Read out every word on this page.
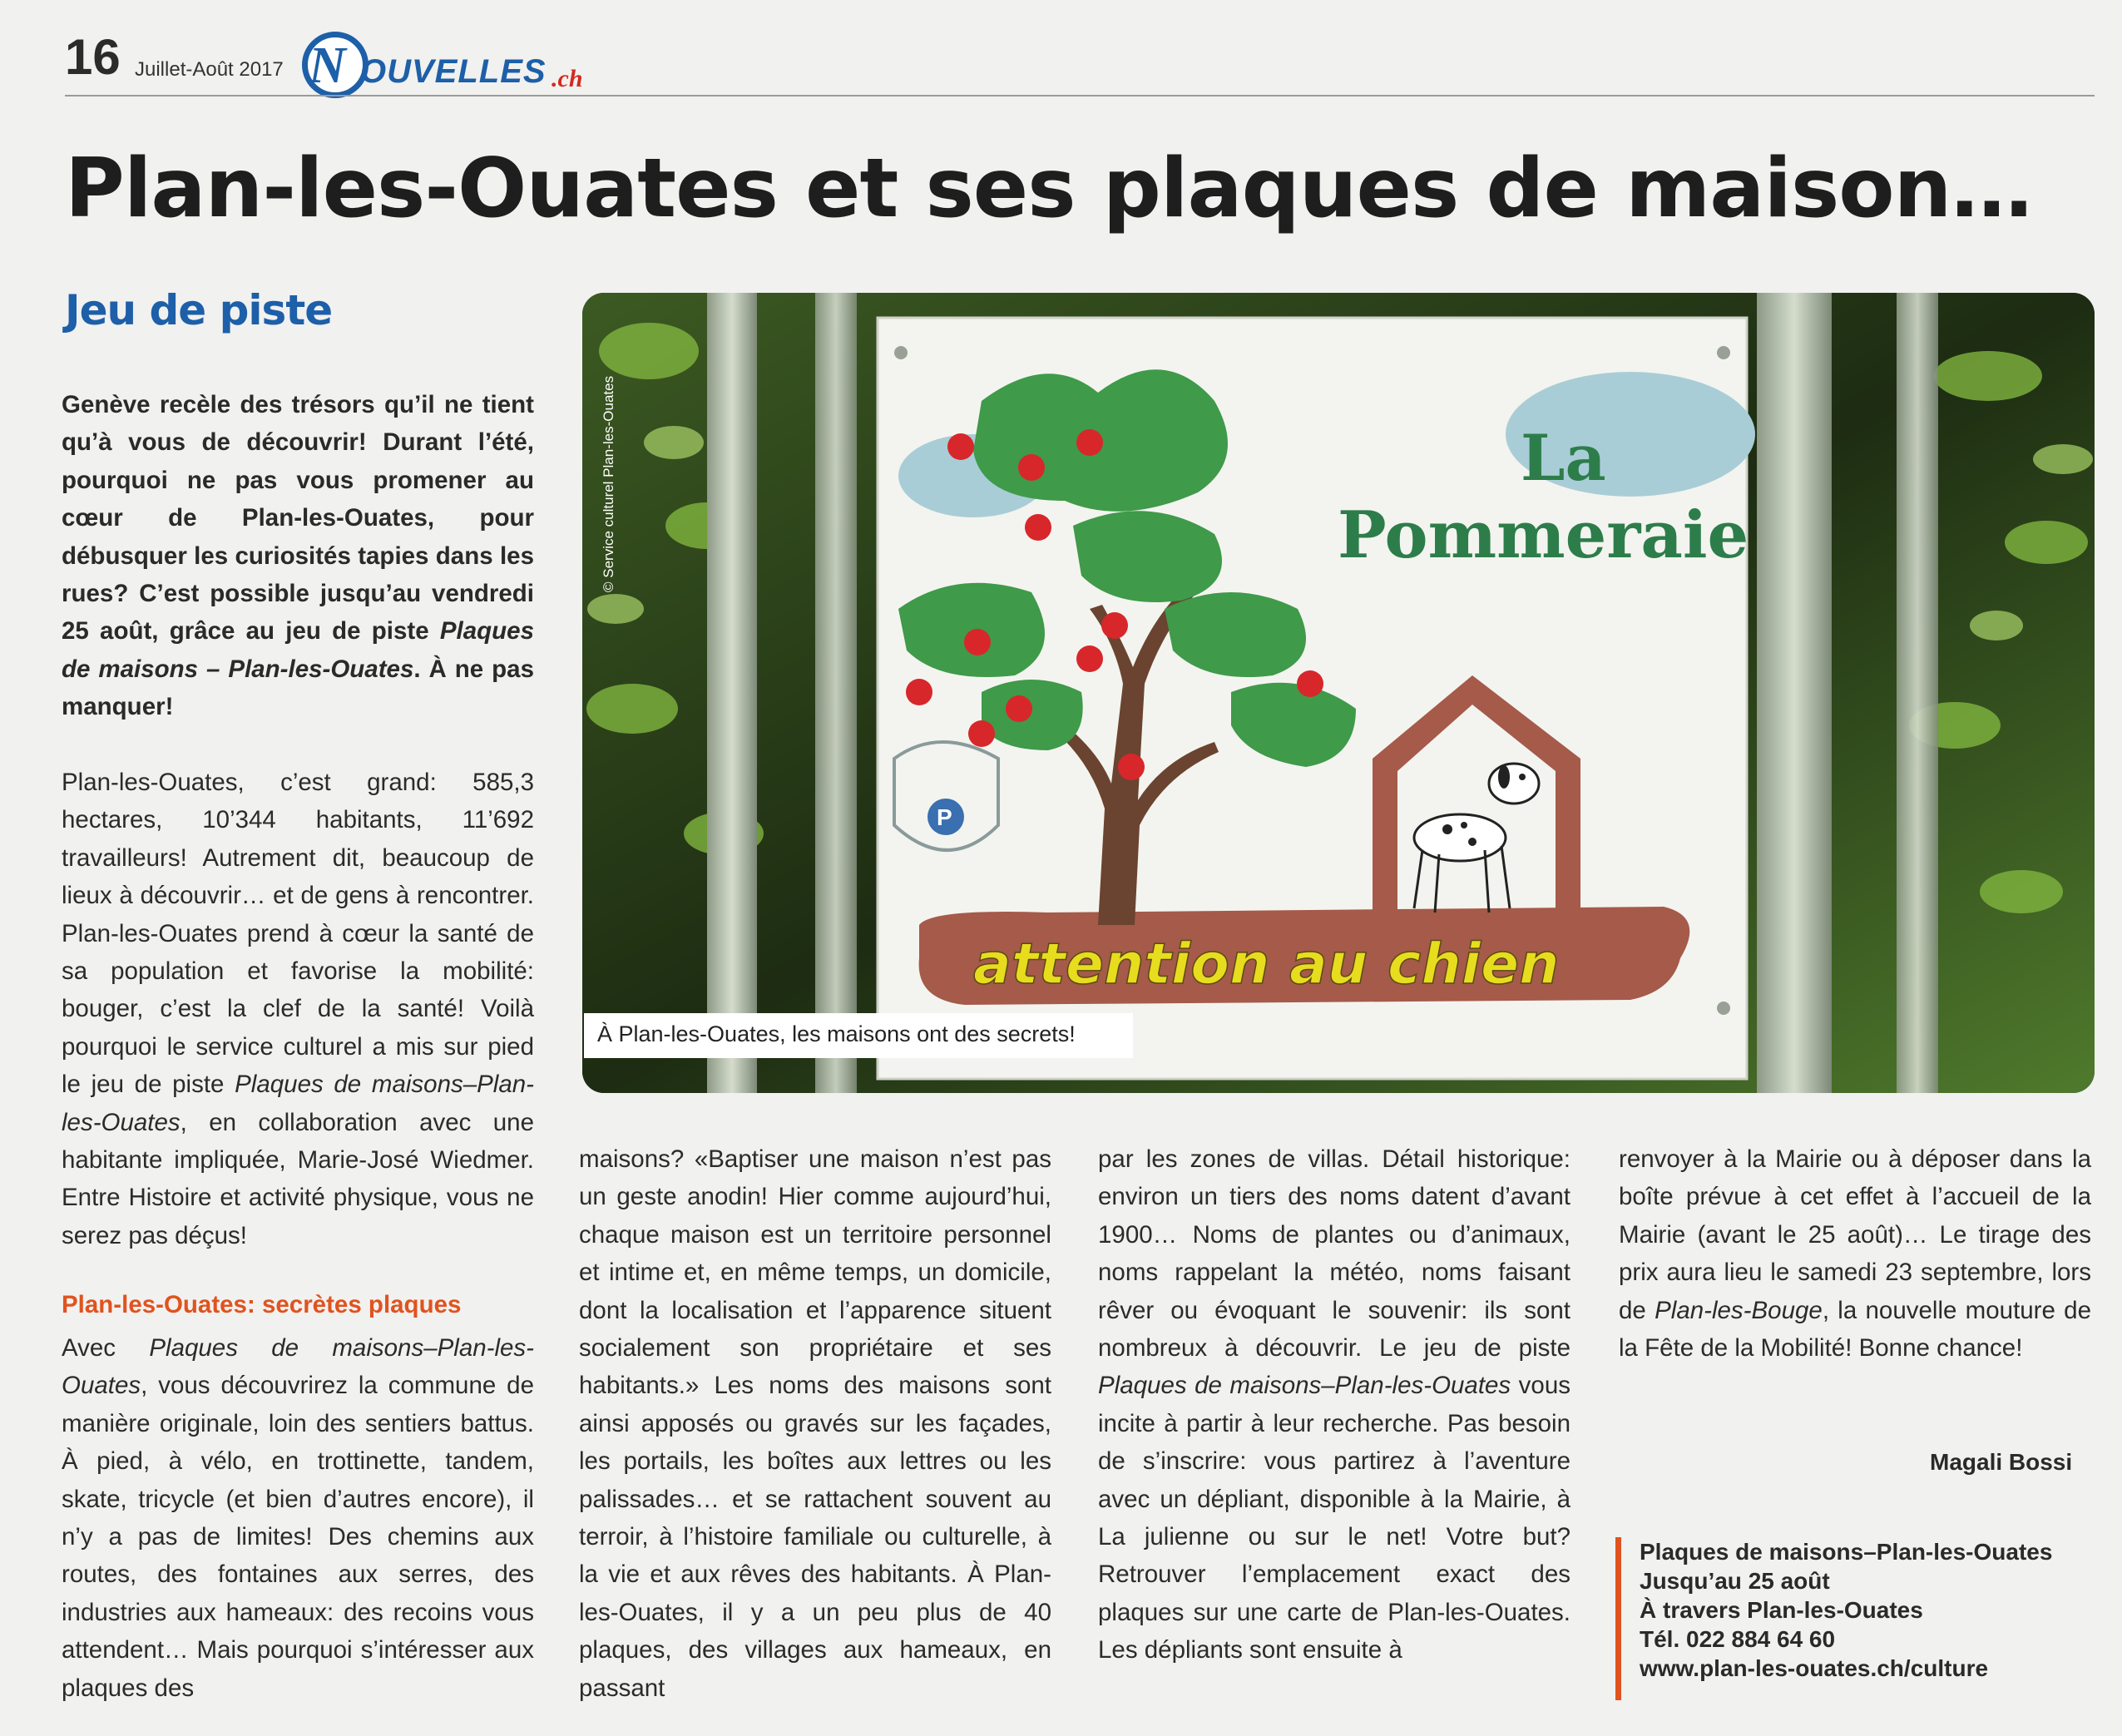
16 Juillet-Août 2017 N OUVELLES .ch
Plan-les-Ouates et ses plaques de maison…
Jeu de piste

Genève recèle des trésors qu’il ne tient qu’à vous de découvrir! Durant l’été, pourquoi ne pas vous promener au cœur de Plan-les-Ouates, pour débusquer les curiosités tapies dans les rues? C’est possible jusqu’au vendredi 25 août, grâce au jeu de piste Plaques de maisons – Plan-les-Ouates. À ne pas manquer!

Plan-les-Ouates, c’est grand: 585,3 hectares, 10’344 habitants, 11’692 travailleurs! Autrement dit, beaucoup de lieux à découvrir… et de gens à rencontrer. Plan-les-Ouates prend à cœur la santé de sa population et favorise la mobilité: bouger, c’est la clef de la santé! Voilà pourquoi le service culturel a mis sur pied le jeu de piste Plaques de maisons–Plan-les-Ouates, en collaboration avec une habitante impliquée, Marie-José Wiedmer. Entre Histoire et activité physique, vous ne serez pas déçus!

Plan-les-Ouates: secrètes plaques

Avec Plaques de maisons–Plan-les-Ouates, vous découvrirez la commune de manière originale, loin des sentiers battus. À pied, à vélo, en trottinette, tandem, skate, tricycle (et bien d’autres encore), il n’y a pas de limites! Des chemins aux routes, des fontaines aux serres, des industries aux hameaux: des recoins vous attendent… Mais pourquoi s’intéresser aux plaques des

P
La
Pommeraie
attention au chien
© Service culturel Plan-les-Ouates
À Plan-les-Ouates, les maisons ont des secrets!

maisons? «Baptiser une maison n’est pas un geste anodin! Hier comme aujourd’hui, chaque maison est un territoire personnel et intime et, en même temps, un domicile, dont la localisation et l’apparence situent socialement son propriétaire et ses habitants.» Les noms des maisons sont ainsi apposés ou gravés sur les façades, les portails, les boîtes aux lettres ou les palissades… et se rattachent souvent au terroir, à l’histoire familiale ou culturelle, à la vie et aux rêves des habitants. À Plan-les-Ouates, il y a un peu plus de 40 plaques, des villages aux hameaux, en passant

par les zones de villas. Détail historique: environ un tiers des noms datent d’avant 1900… Noms de plantes ou d’animaux, noms rappelant la météo, noms faisant rêver ou évoquant le souvenir: ils sont nombreux à découvrir. Le jeu de piste Plaques de maisons–Plan-les-Ouates vous incite à partir à leur recherche. Pas besoin de s’inscrire: vous partirez à l’aventure avec un dépliant, disponible à la Mairie, à La julienne ou sur le net! Votre but? Retrouver l’emplacement exact des plaques sur une carte de Plan-les-Ouates. Les dépliants sont ensuite à

renvoyer à la Mairie ou à déposer dans la boîte prévue à cet effet à l’accueil de la Mairie (avant le 25 août)… Le tirage des prix aura lieu le samedi 23 septembre, lors de Plan-les-Bouge, la nouvelle mouture de la Fête de la Mobilité! Bonne chance!

Magali Bossi
Plaques de maisons–Plan-les-Ouates
Jusqu’au 25 août
À travers Plan-les-Ouates
Tél. 022 884 64 60
www.plan-les-ouates.ch/culture
